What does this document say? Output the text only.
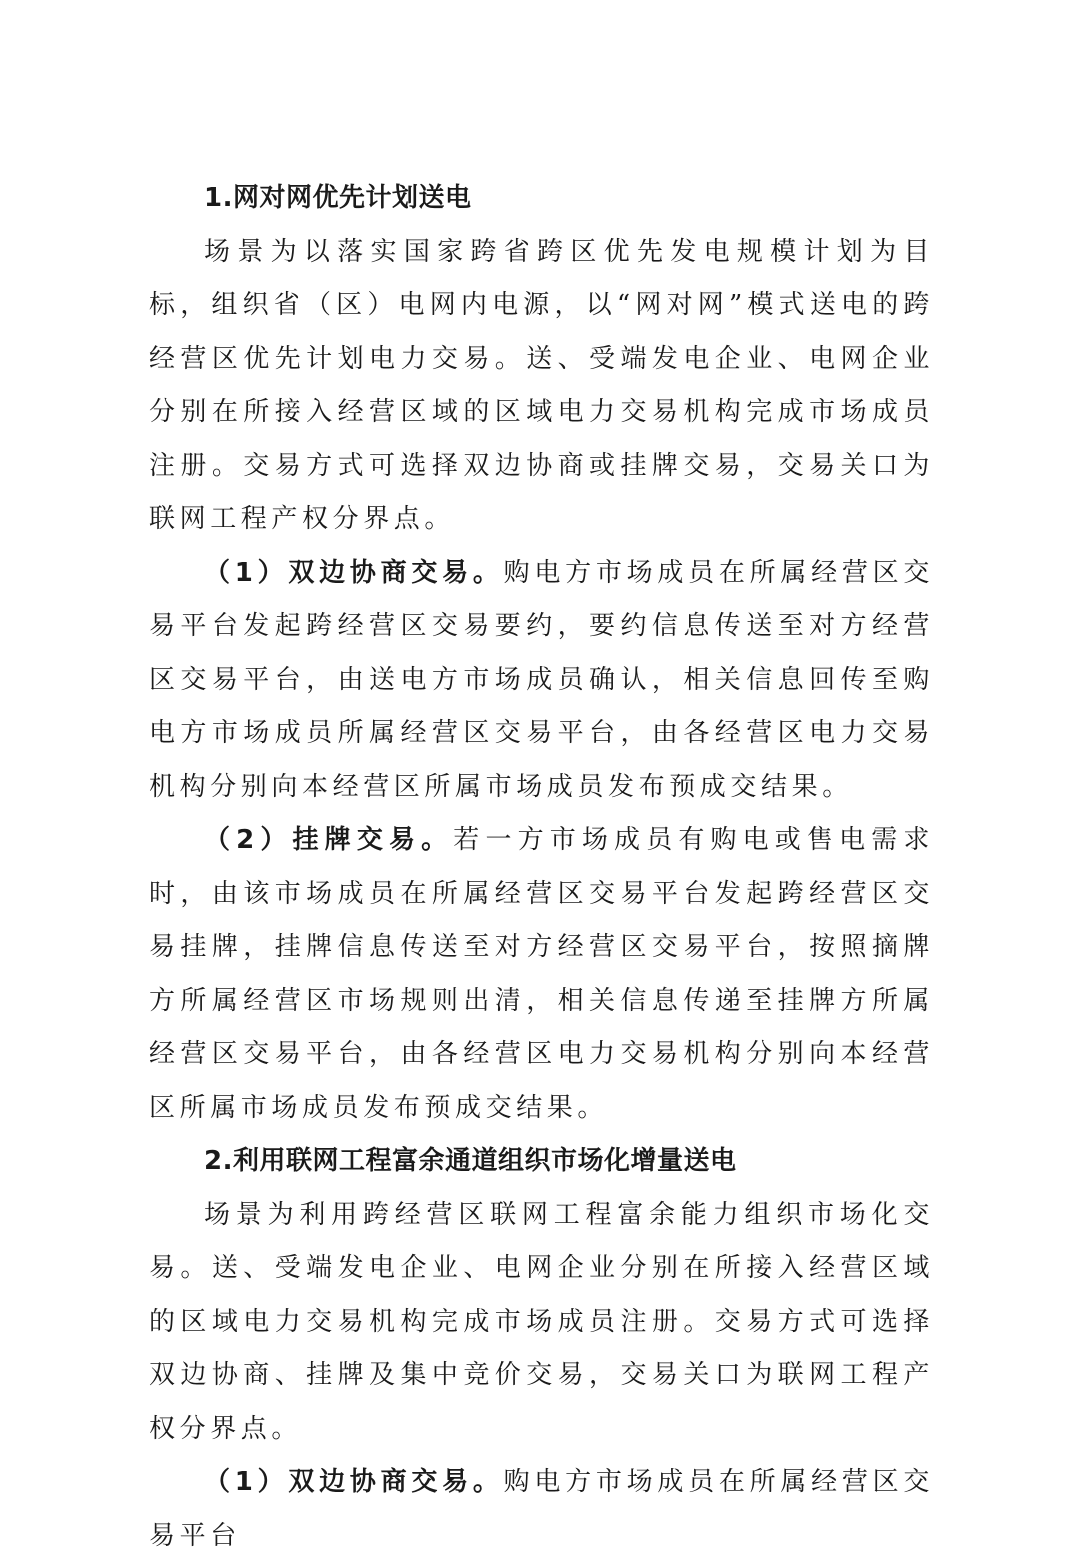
1.网对网优先计划送电

场景为以落实国家跨省跨区优先发电规模计划为目标，组织省（区）电网内电源，以“网对网”模式送电的跨经营区优先计划电力交易。送、受端发电企业、电网企业分别在所接入经营区域的区域电力交易机构完成市场成员注册。交易方式可选择双边协商或挂牌交易，交易关口为联网工程产权分界点。

（1）双边协商交易。购电方市场成员在所属经营区交易平台发起跨经营区交易要约，要约信息传送至对方经营区交易平台，由送电方市场成员确认，相关信息回传至购电方市场成员所属经营区交易平台，由各经营区电力交易机构分别向本经营区所属市场成员发布预成交结果。

（2）挂牌交易。若一方市场成员有购电或售电需求时，由该市场成员在所属经营区交易平台发起跨经营区交易挂牌，挂牌信息传送至对方经营区交易平台，按照摘牌方所属经营区市场规则出清，相关信息传递至挂牌方所属经营区交易平台，由各经营区电力交易机构分别向本经营区所属市场成员发布预成交结果。

2.利用联网工程富余通道组织市场化增量送电

场景为利用跨经营区联网工程富余能力组织市场化交易。送、受端发电企业、电网企业分别在所接入经营区域的区域电力交易机构完成市场成员注册。交易方式可选择双边协商、挂牌及集中竞价交易，交易关口为联网工程产权分界点。

（1）双边协商交易。购电方市场成员在所属经营区交易平台
